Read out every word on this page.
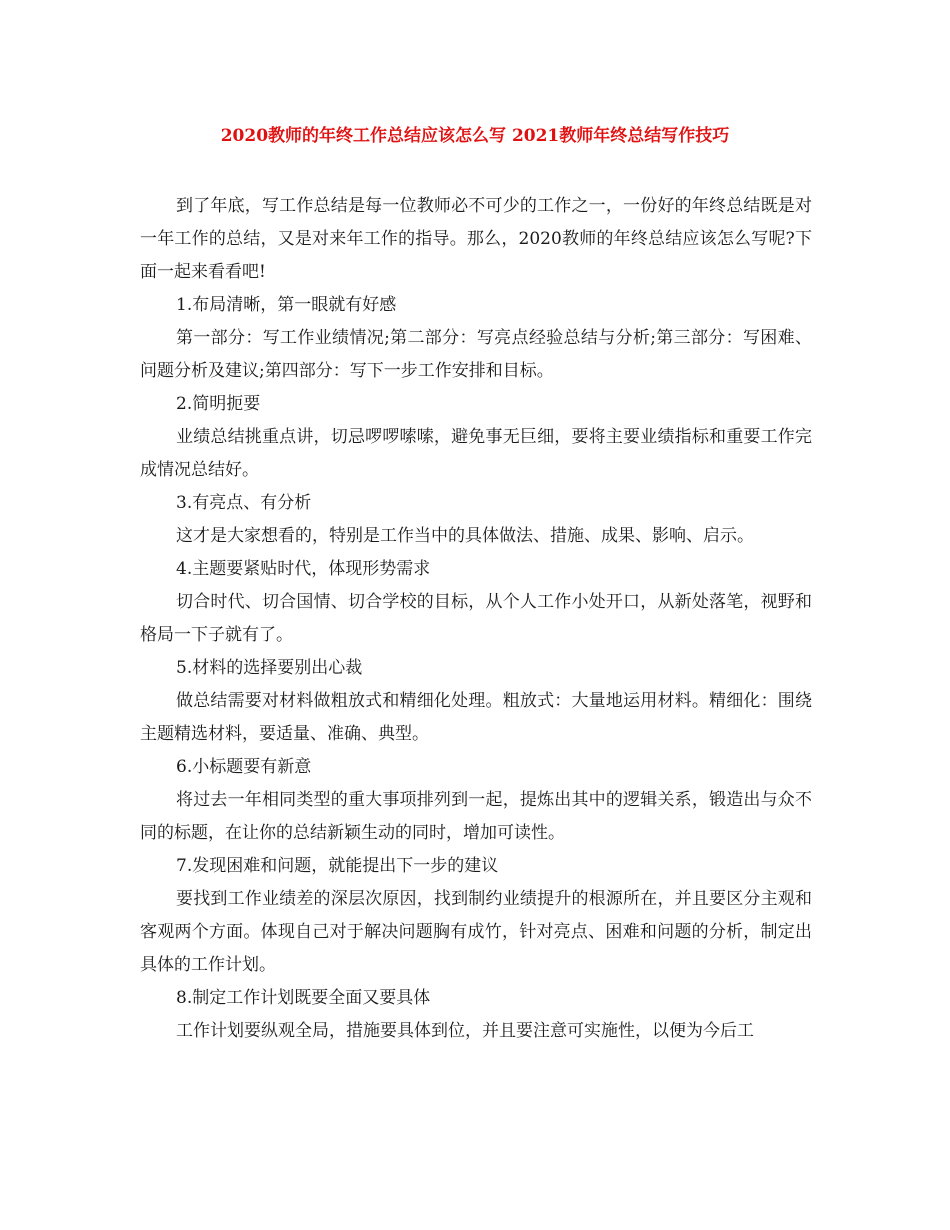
2020教师的年终工作总结应该怎么写 2021教师年终总结写作技巧

到了年底，写工作总结是每一位教师必不可少的工作之一，一份好的年终总结既是对一年工作的总结，又是对来年工作的指导。那么，2020教师的年终总结应该怎么写呢?下面一起来看看吧!

1.布局清晰，第一眼就有好感

第一部分：写工作业绩情况;第二部分：写亮点经验总结与分析;第三部分：写困难、问题分析及建议;第四部分：写下一步工作安排和目标。

2.简明扼要

业绩总结挑重点讲，切忌啰啰嗦嗦，避免事无巨细，要将主要业绩指标和重要工作完成情况总结好。

3.有亮点、有分析

这才是大家想看的，特别是工作当中的具体做法、措施、成果、影响、启示。

4.主题要紧贴时代，体现形势需求

切合时代、切合国情、切合学校的目标，从个人工作小处开口，从新处落笔，视野和格局一下子就有了。

5.材料的选择要别出心裁

做总结需要对材料做粗放式和精细化处理。粗放式：大量地运用材料。精细化：围绕主题精选材料，要适量、准确、典型。

6.小标题要有新意

将过去一年相同类型的重大事项排列到一起，提炼出其中的逻辑关系，锻造出与众不同的标题，在让你的总结新颖生动的同时，增加可读性。

7.发现困难和问题，就能提出下一步的建议

要找到工作业绩差的深层次原因，找到制约业绩提升的根源所在，并且要区分主观和客观两个方面。体现自己对于解决问题胸有成竹，针对亮点、困难和问题的分析，制定出具体的工作计划。

8.制定工作计划既要全面又要具体

工作计划要纵观全局，措施要具体到位，并且要注意可实施性，以便为今后工
